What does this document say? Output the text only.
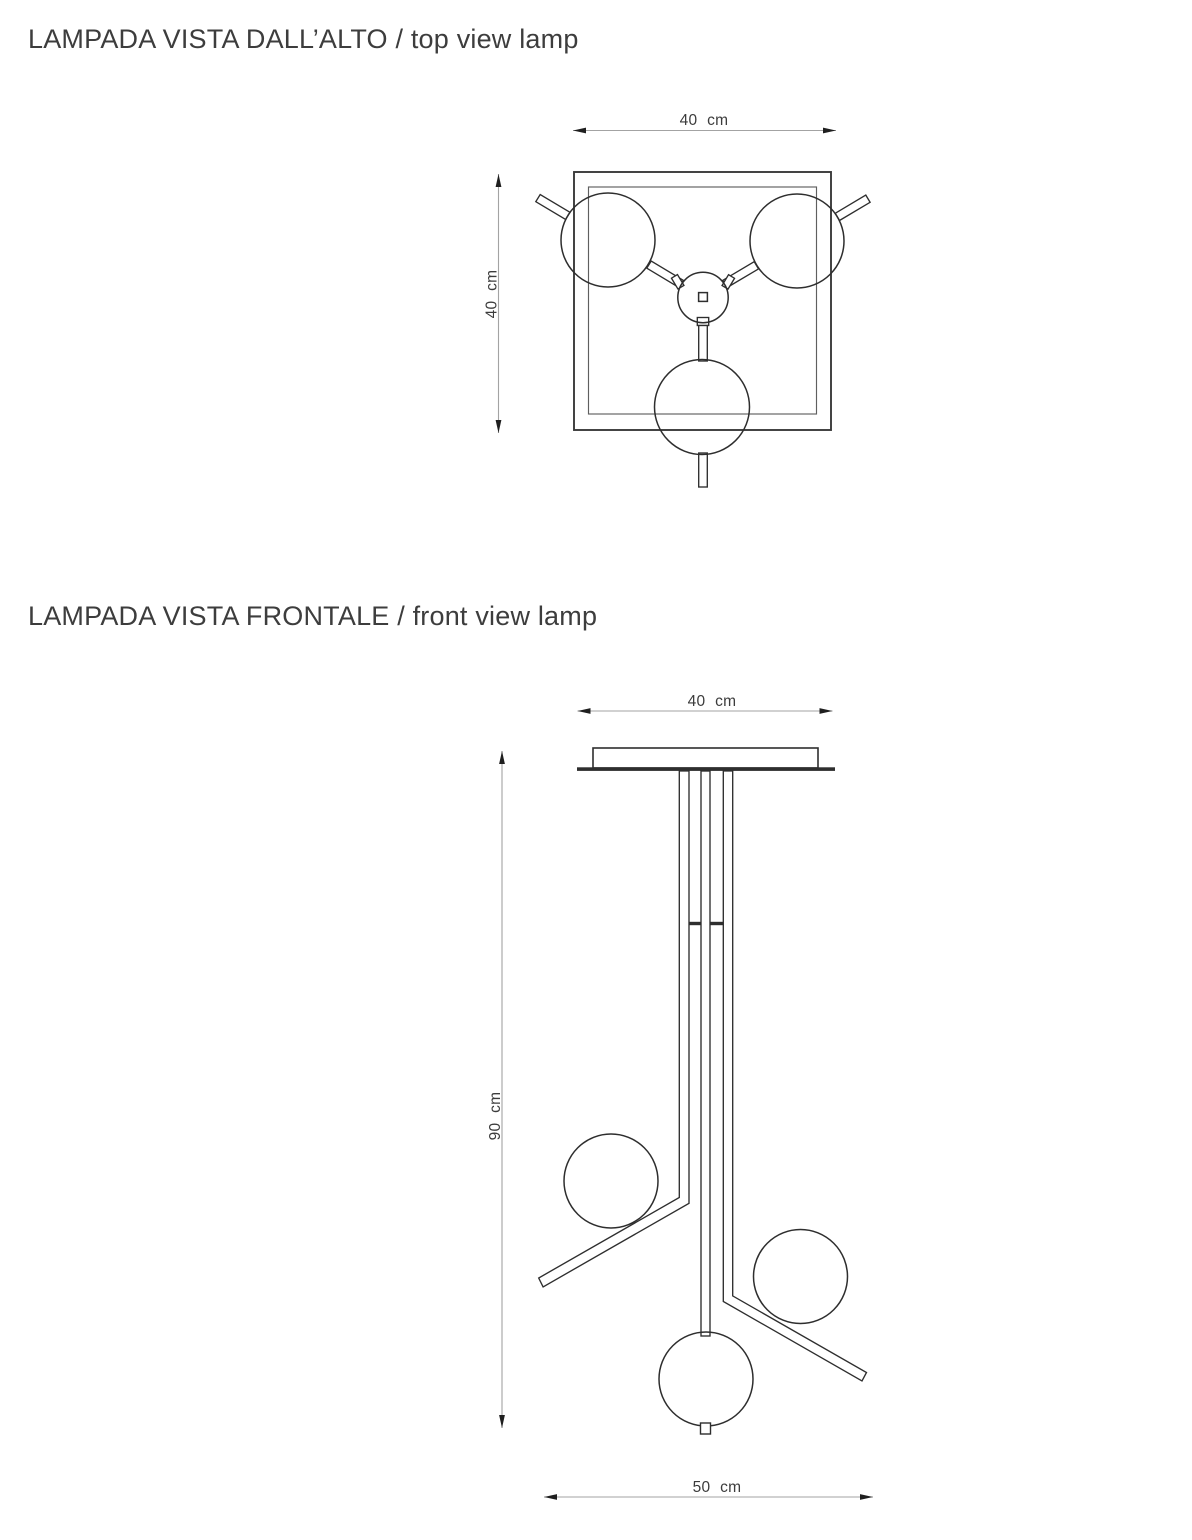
LAMPADA VISTA DALL’ALTO / top view lamp
LAMPADA VISTA FRONTALE / front view lamp
40 cm
40 cm
40 cm
90 cm
50 cm
